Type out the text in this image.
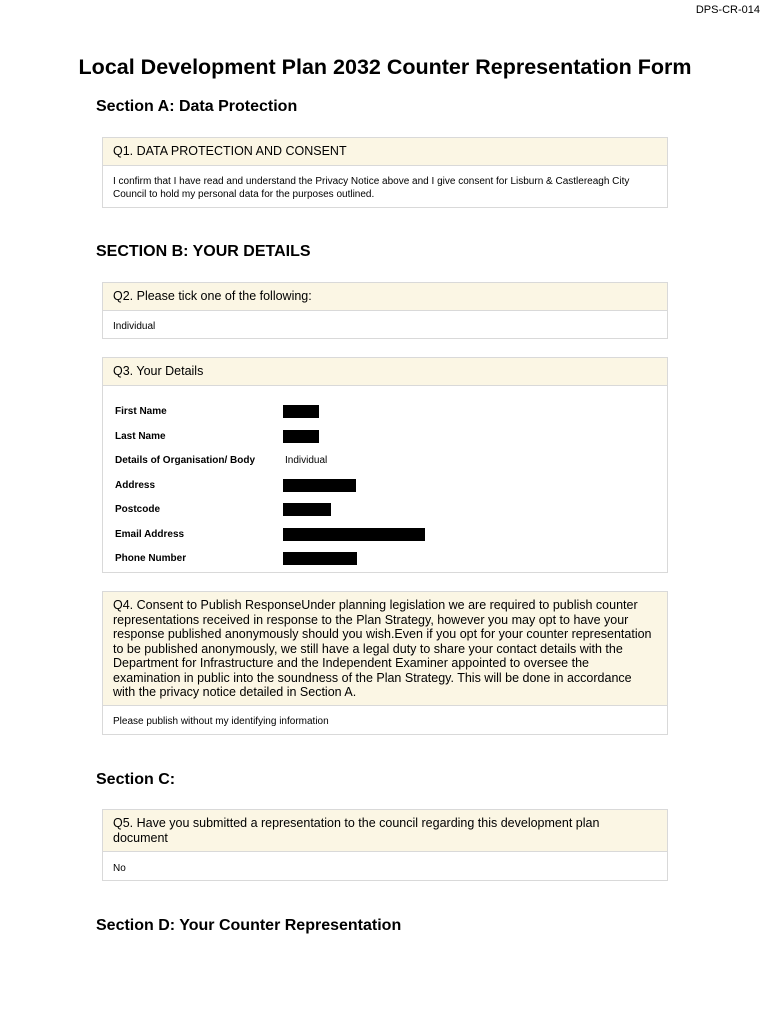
DPS-CR-014
Local Development Plan 2032 Counter Representation Form
Section A: Data Protection
Q1. DATA PROTECTION AND CONSENT
I confirm that I have read and understand the Privacy Notice above and I give consent for Lisburn & Castlereagh City Council to hold my personal data for the purposes outlined.
SECTION B: YOUR DETAILS
Q2. Please tick one of the following:
Individual
Q3. Your Details
First Name
Last Name
Details of Organisation/ Body	Individual
Address
Postcode
Email Address
Phone Number
Q4. Consent to Publish ResponseUnder planning legislation we are required to publish counter representations received in response to the Plan Strategy, however you may opt to have your response published anonymously should you wish.Even if you opt for your counter representation to be published anonymously, we still have a legal duty to share your contact details with the Department for Infrastructure and the Independent Examiner appointed to oversee the examination in public into the soundness of the Plan Strategy. This will be done in accordance with the privacy notice detailed in Section A.
Please publish without my identifying information
Section C:
Q5. Have you submitted a representation to the council regarding this development plan document
No
Section D: Your Counter Representation
